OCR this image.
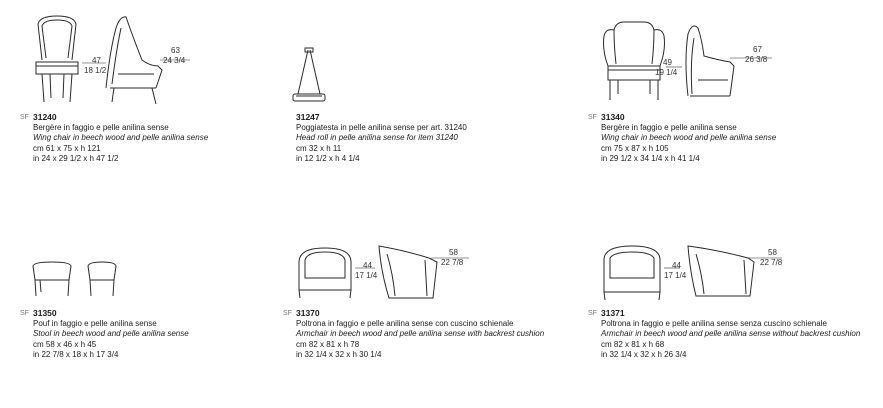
47
18 1/2
63
24 3/4
SF 31240
Bergère in faggio e pelle anilina sense
Wing chair in beech wood and pelle anilina sense
cm 61 x 75 x h 121
in 24 x 29 1/2 x h 47 1/2
31247
Poggiatesta in pelle anilina sense per art. 31240
Head roll in pelle anilina sense for item 31240
cm 32 x h 11
in 12 1/2 x h 4 1/4
49
19 1/4
67
26 3/8
SF 31340
Bergère in faggio e pelle anilina sense
Wing chair in beech wood and pelle anilina sense
cm 75 x 87 x h 105
in 29 1/2 x 34 1/4 x h 41 1/4
SF 31350
Pouf in faggio e pelle anilina sense
Stool in beech wood and pelle anilina sense
cm 58 x 46 x h 45
in 22 7/8 x 18 x h 17 3/4
44
17 1/4
58
22 7/8
SF 31370
Poltrona in faggio e pelle anilina sense con cuscino schienale
Armchair in beech wood and pelle anilina sense with backrest cushion
cm 82 x 81 x h 78
in 32 1/4 x 32 x h 30 1/4
44
17 1/4
58
22 7/8
SF 31371
Poltrona in faggio e pelle anilina sense senza cuscino schienale
Armchair in beech wood and pelle anilina sense without backrest cushion
cm 82 x 81 x h 68
in 32 1/4 x 32 x h 26 3/4
